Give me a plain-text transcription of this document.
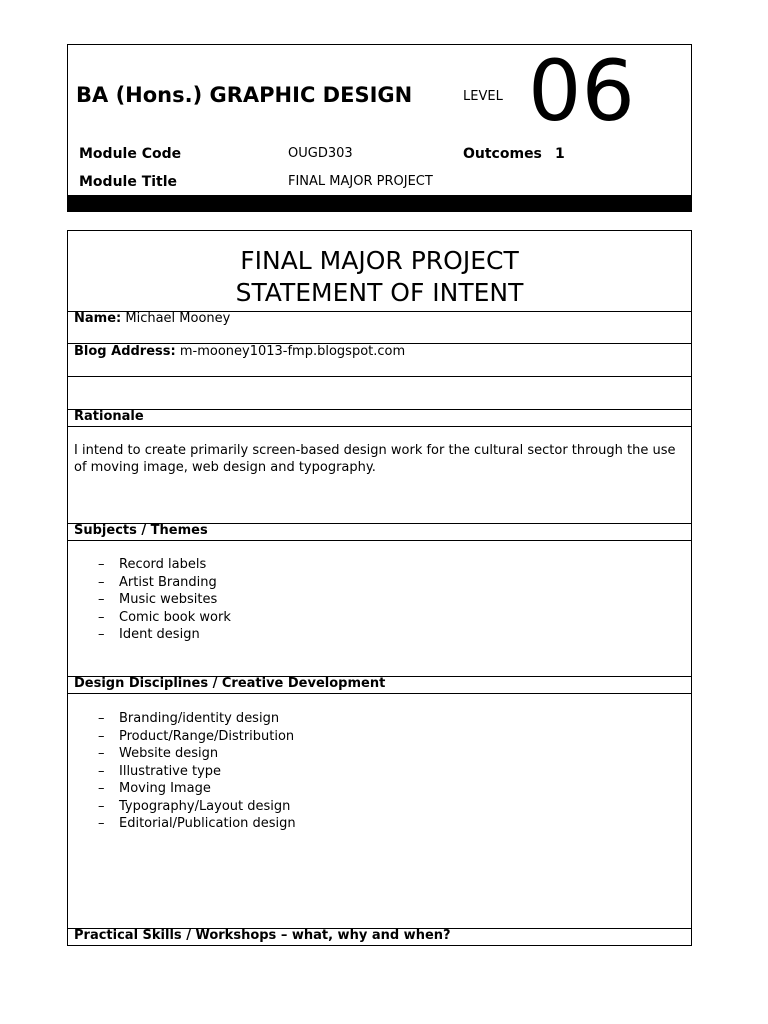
BA (Hons.) GRAPHIC DESIGN	LEVEL 06
Module Code	OUGD303	Outcomes 1
Module Title	FINAL MAJOR PROJECT
FINAL MAJOR PROJECT
STATEMENT OF INTENT
Name: Michael Mooney
Blog Address: m-mooney1013-fmp.blogspot.com
Rationale
I intend to create primarily screen-based design work for the cultural sector through the use of moving image, web design and typography.
Subjects / Themes
– Record labels
– Artist Branding
– Music websites
– Comic book work
– Ident design
Design Disciplines / Creative Development
– Branding/identity design
– Product/Range/Distribution
– Website design
– Illustrative type
– Moving Image
– Typography/Layout design
– Editorial/Publication design
Practical Skills / Workshops – what, why and when?
